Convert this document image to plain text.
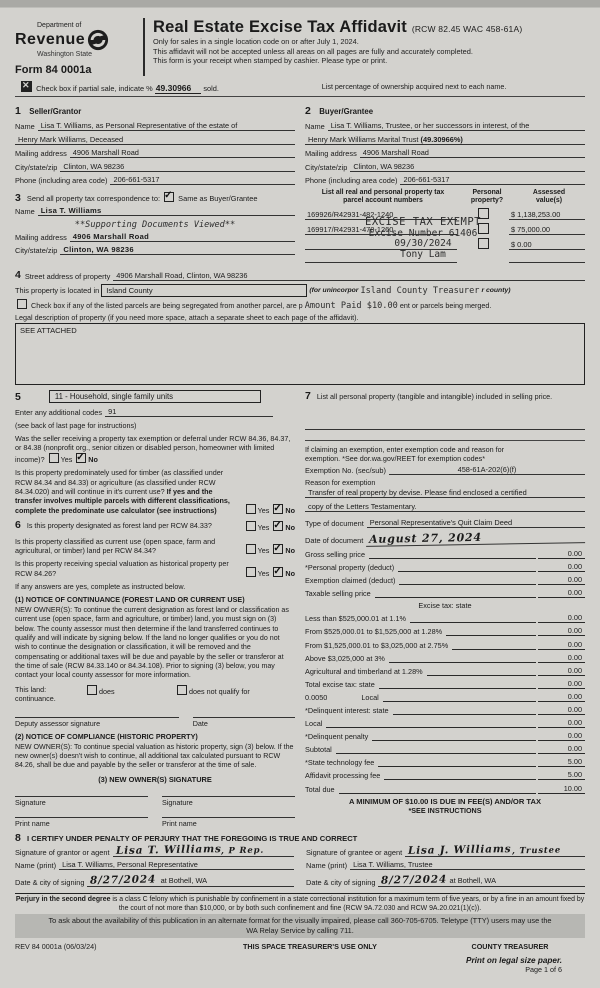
Department of
Revenue
Washington State
Form 84 0001a
Real Estate Excise Tax Affidavit (RCW 82.45 WAC 458-61A)
Only for sales in a single location code on or after July 1, 2024.
This affidavit will not be accepted unless all areas on all pages are fully and accurately completed.
This form is your receipt when stamped by cashier. Please type or print.
✕ Check box if partial sale, indicate % 49.30966 sold.	List percentage of ownership acquired next to each name.
1 Seller/Grantor
Name Lisa T. Williams, as Personal Representative of the estate of
Henry Mark Williams, Deceased
Mailing address 4906 Marshall Road
City/state/zip Clinton, WA 98236
Phone (including area code) 206-661-5317
3 Send all property tax correspondence to: ✓ Same as Buyer/Grantee
Name Lisa T. Williams
**Supporting Documents Viewed**
Mailing address 4906 Marshall Road
City/state/zip Clinton, WA 98236
2 Buyer/Grantee
Name Lisa T. Williams, Trustee, or her successors in interest, of the
Henry Mark Williams Marital Trust (49.30966%)
Mailing address 4906 Marshall Road
City/state/zip Clinton, WA 98236
Phone (including area code) 206-661-5317
List all real and personal property tax
parcel account numbers
Personal
property?
Assessed
value(s)
169926/R42931-482-1240	$ 1,138,253.00
169917/R42931-478-1260	$ 75,000.00
$ 0.00
EXCISE TAX EXEMPT
Excise Number 61406
09/30/2024
Tony Lam
4 Street address of property 4906 Marshall Road, Clinton, WA 98236
This property is located in
Island County
	(for unincorpor Island County Treasurer r county)
Check box if any of the listed parcels are being segregated from another parcel, are p Amount Paid $10.00 ent or parcels being merged.
Legal description of property (if you need more space, attach a separate sheet to each page of the affidavit).
SEE ATTACHED
5	11 - Household, single family units
Enter any additional codes 91
(see back of last page for instructions)
Was the seller receiving a property tax exemption or deferral under RCW 84.36, 84.37, or 84.38 (nonprofit org., senior citizen or disabled person, homeowner with limited income)? Yes ✓ No
Is this property predominately used for timber (as classified under RCW 84.34 and 84.33) or agriculture (as classified under RCW 84.34.020) and will continue in it's current use? If yes and the transfer involves multiple parcels with different classifications, complete the predominate use calculator (see instructions)	Yes ✓ No
6 Is this property designated as forest land per RCW 84.33?	Yes ✓ No
Is this property classified as current use (open space, farm and agricultural, or timber) land per RCW 84.34?	Yes ✓ No
Is this property receiving special valuation as historical property per RCW 84.26?	Yes ✓ No
If any answers are yes, complete as instructed below.
(1) NOTICE OF CONTINUANCE (FOREST LAND OR CURRENT USE)
NEW OWNER(S): To continue the current designation as forest land or classification as current use (open space, farm and agriculture, or timber) land, you must sign on (3) below. The county assessor must then determine if the land transferred continues to qualify and will indicate by signing below. If the land no longer qualifies or you do not wish to continue the designation or classification, it will be removed and the compensating or additional taxes will be due and payable by the seller or transferor at the time of sale (RCW 84.33.140 or 84.34.108). Prior to signing (3) below, you may contact your local county assessor for more information.
This land:
continuance.
does	does not qualify for
Deputy assessor signature	Date
(2) NOTICE OF COMPLIANCE (HISTORIC PROPERTY)
NEW OWNER(S): To continue special valuation as historic property, sign (3) below. If the new owner(s) doesn't wish to continue, all additional tax calculated pursuant to RCW 84.26, shall be due and payable by the seller or transferor at the time of sale.
(3) NEW OWNER(S) SIGNATURE
Signature	Signature
Print name	Print name
7 List all personal property (tangible and intangible) included in selling price.
If claiming an exemption, enter exemption code and reason for
exemption. *See dor.wa.gov/REET for exemption codes*
Exemption No. (sec/sub)	458-61A-202(6)(f)
Reason for exemption
Transfer of real property by devise. Please find enclosed a certified
copy of the Letters Testamentary.
Type of document Personal Representative's Quit Claim Deed
Date of document August 27, 2024
Gross selling price	0.00
*Personal property (deduct)	0.00
Exemption claimed (deduct)	0.00
Taxable selling price	0.00
Excise tax: state
Less than $525,000.01 at 1.1%	0.00
From $525,000.01 to $1,525,000 at 1.28%	0.00
From $1,525,000.01 to $3,025,000 at 2.75%	0.00
Above $3,025,000 at 3%	0.00
Agricultural and timberland at 1.28%	0.00
Total excise tax: state	0.00
0.0050	Local	0.00
*Delinquent interest: state	0.00
Local	0.00
*Delinquent penalty	0.00
Subtotal	0.00
*State technology fee	5.00
Affidavit processing fee	5.00
Total due	10.00
A MINIMUM OF $10.00 IS DUE IN FEE(S) AND/OR TAX
*SEE INSTRUCTIONS
8 I CERTIFY UNDER PENALTY OF PERJURY THAT THE FOREGOING IS TRUE AND CORRECT
Signature of grantor or agent Lisa T. Williams, P Rep.
Name (print) Lisa T. Williams, Personal Representative
Date & city of signing 8/27/2024 at Bothell, WA
Signature of grantee or agent Lisa J. Williams, Trustee
Name (print) Lisa T. Williams, Trustee
Date & city of signing 8/27/2024 at Bothell, WA
Perjury in the second degree is a class C felony which is punishable by confinement in a state correctional institution for a maximum term of five years, or by a fine in an amount fixed by the court of not more than $10,000, or by both such confinement and fine (RCW 9A.72.030 and RCW 9A.20.021(1)(c)).
To ask about the availability of this publication in an alternate format for the visually impaired, please call 360-705-6705. Teletype (TTY) users may use the WA Relay Service by calling 711.
REV 84 0001a (06/03/24)	THIS SPACE TREASURER'S USE ONLY	COUNTY TREASURER
Print on legal size paper.
Page 1 of 6
